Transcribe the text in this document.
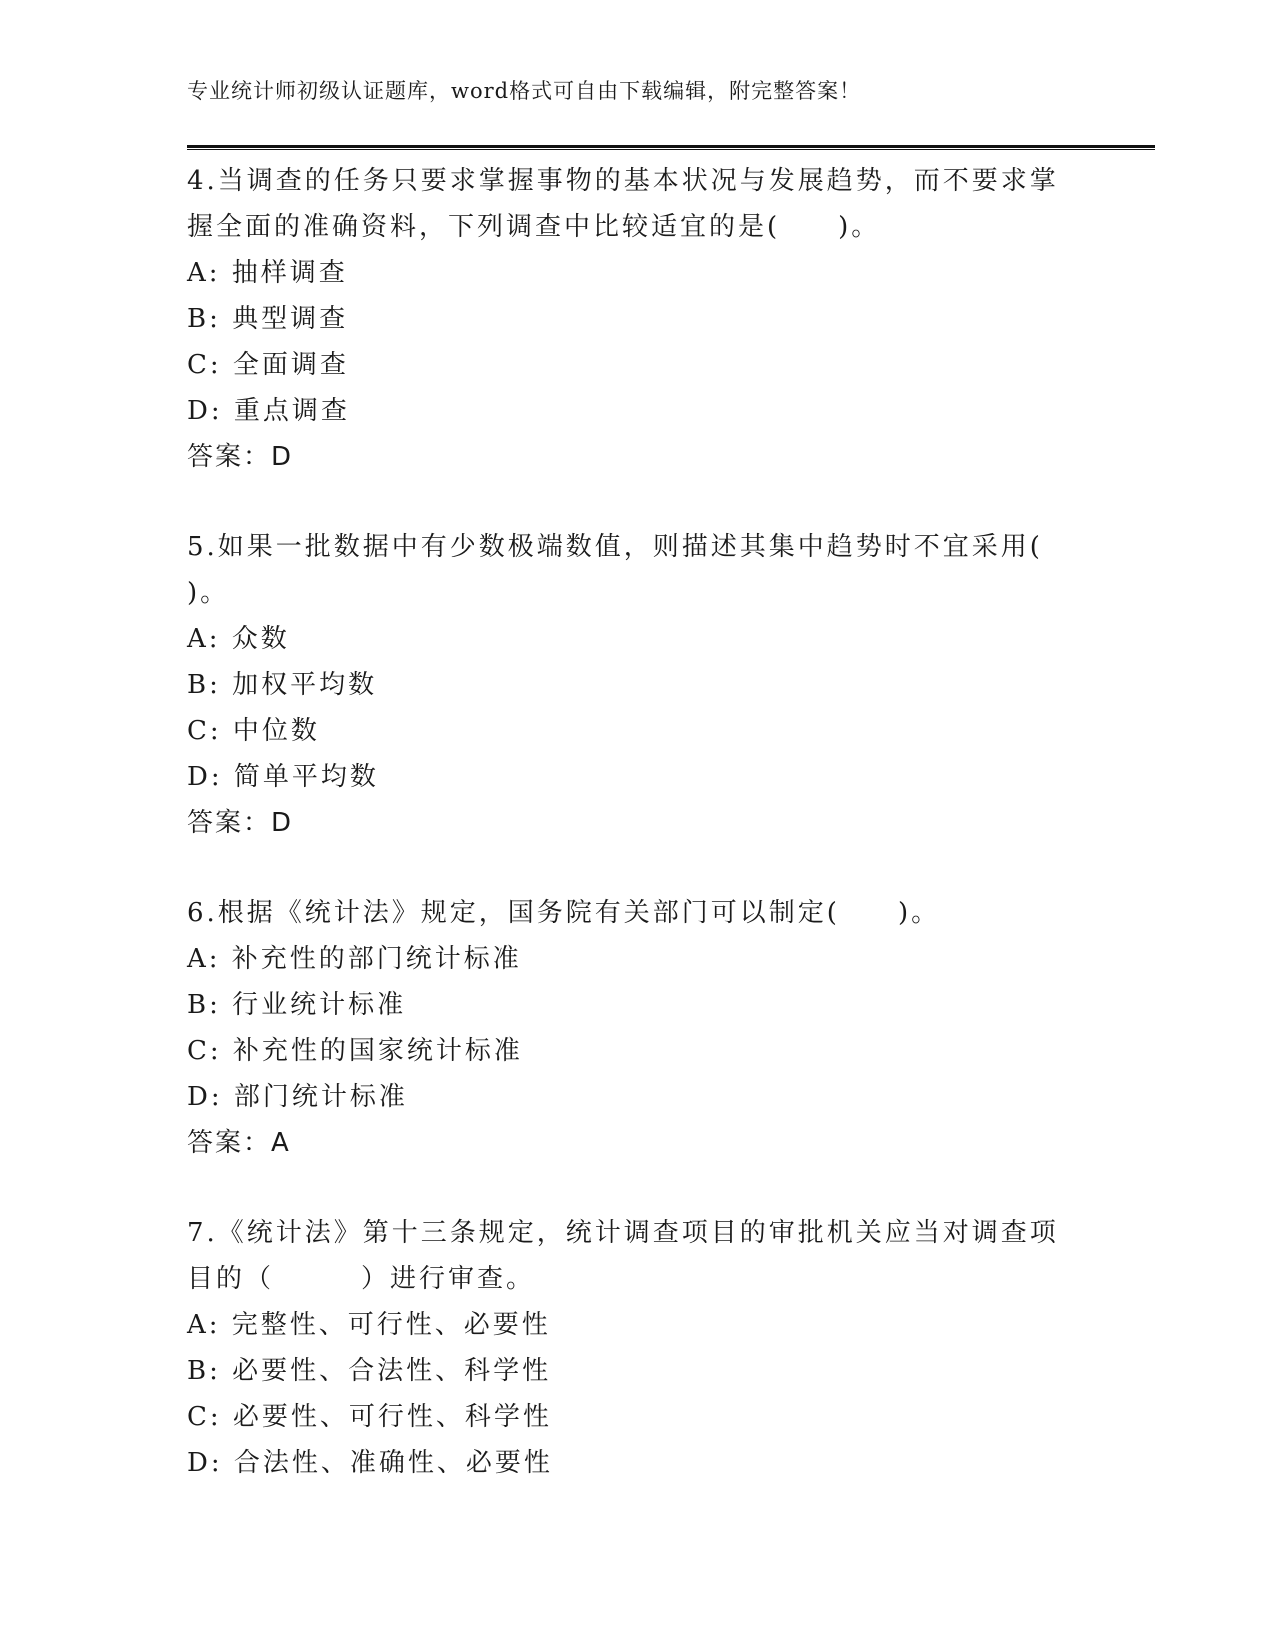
专业统计师初级认证题库，word格式可自由下载编辑，附完整答案！

4.当调查的任务只要求掌握事物的基本状况与发展趋势，而不要求掌握全面的准确资料，下列调查中比较适宜的是(　　)。

A: 抽样调查

B: 典型调查

C: 全面调查

D: 重点调查

答案：D

5.如果一批数据中有少数极端数值，则描述其集中趋势时不宜采用(　　)。

A: 众数

B: 加权平均数

C: 中位数

D: 简单平均数

答案：D

6.根据《统计法》规定，国务院有关部门可以制定(　　)。

A: 补充性的部门统计标准

B: 行业统计标准

C: 补充性的国家统计标准

D: 部门统计标准

答案：A

7.《统计法》第十三条规定，统计调查项目的审批机关应当对调查项目的（　　　）进行审查。

A: 完整性、可行性、必要性

B: 必要性、合法性、科学性

C: 必要性、可行性、科学性

D: 合法性、准确性、必要性
